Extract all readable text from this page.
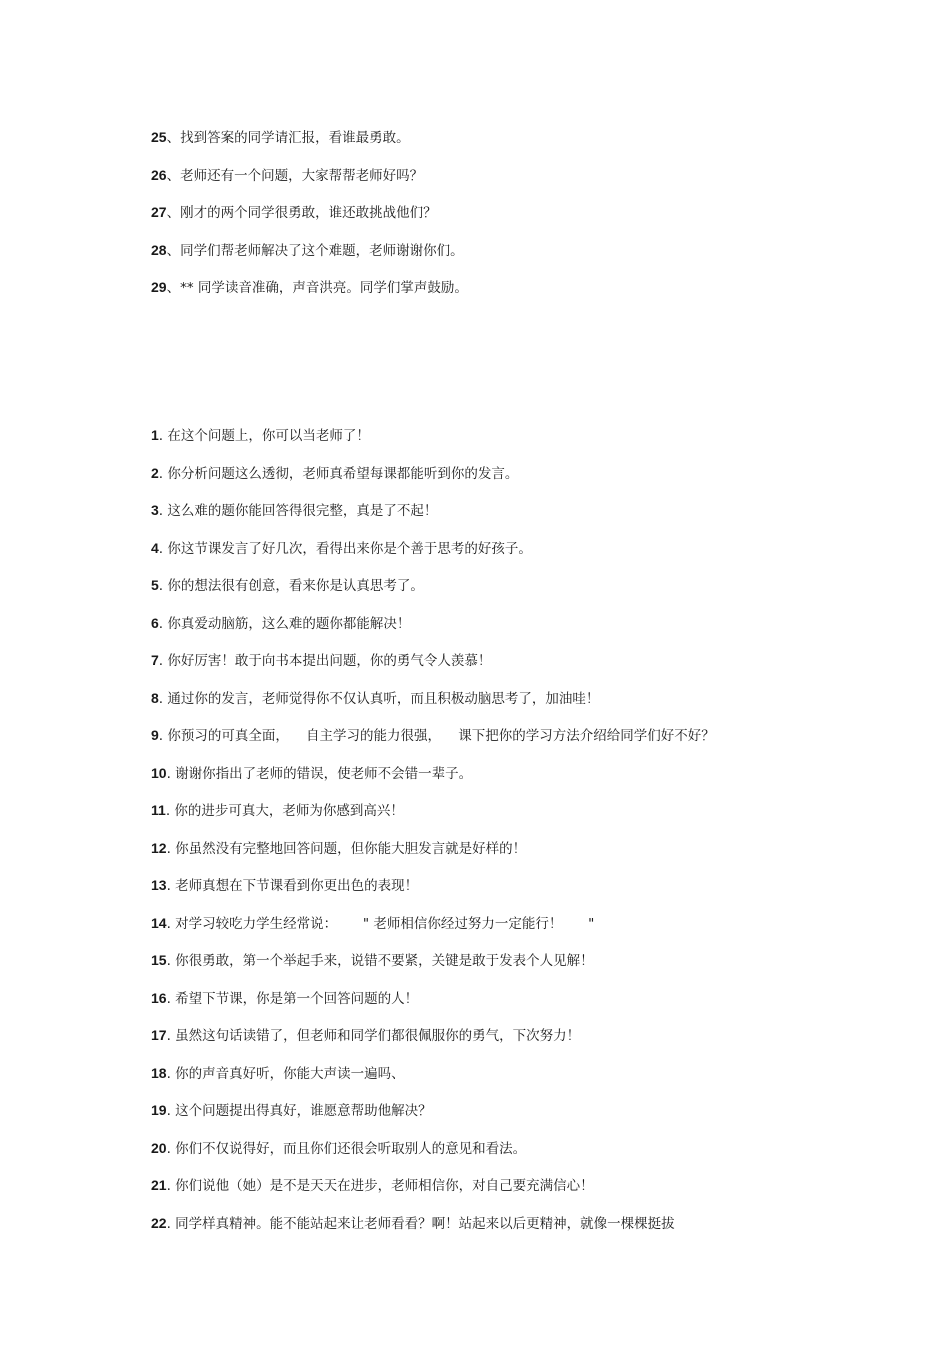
25、找到答案的同学请汇报，看谁最勇敢。
26、老师还有一个问题，大家帮帮老师好吗？
27、刚才的两个同学很勇敢，谁还敢挑战他们？
28、同学们帮老师解决了这个难题，老师谢谢你们。
29、** 同学读音准确，声音洪亮。同学们掌声鼓励。
1. 在这个问题上，你可以当老师了！
2. 你分析问题这么透彻，老师真希望每课都能听到你的发言。
3. 这么难的题你能回答得很完整，真是了不起！
4. 你这节课发言了好几次，看得出来你是个善于思考的好孩子。
5. 你的想法很有创意，看来你是认真思考了。
6. 你真爱动脑筋，这么难的题你都能解决！
7. 你好厉害！敢于向书本提出问题，你的勇气令人羡慕！
8. 通过你的发言，老师觉得你不仅认真听，而且积极动脑思考了，加油哇！
9. 你预习的可真全面，    自主学习的能力很强，    课下把你的学习方法介绍给同学们好不好？
10. 谢谢你指出了老师的错误，使老师不会错一辈子。
11. 你的进步可真大，老师为你感到高兴！
12. 你虽然没有完整地回答问题，但你能大胆发言就是好样的！
13. 老师真想在下节课看到你更出色的表现！
14. 对学习较吃力学生经常说：      " 老师相信你经过努力一定能行！      "
15. 你很勇敢，第一个举起手来，说错不要紧，关键是敢于发表个人见解！
16. 希望下节课，你是第一个回答问题的人！
17. 虽然这句话读错了，但老师和同学们都很佩服你的勇气，下次努力！
18. 你的声音真好听，你能大声读一遍吗、
19. 这个问题提出得真好，谁愿意帮助他解决？
20. 你们不仅说得好，而且你们还很会听取别人的意见和看法。
21. 你们说他（她）是不是天天在进步，老师相信你，对自己要充满信心！
22. 同学样真精神。能不能站起来让老师看看？啊！站起来以后更精神，就像一棵棵挺拔
